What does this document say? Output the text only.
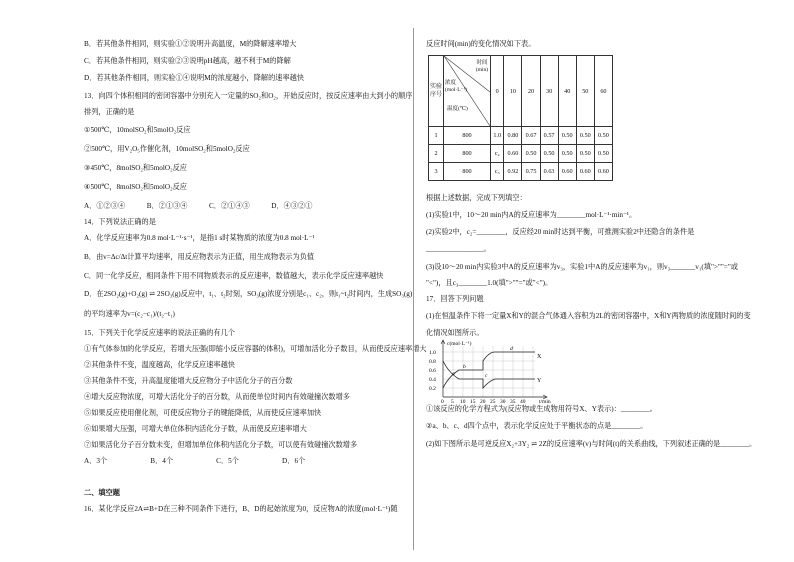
B．若其他条件相同，则实验①②说明升高温度，M的降解速率增大
C．若其他条件相同，则实验②③说明pH越高，越不利于M的降解
D．若其他条件相同，则实验①④说明M的浓度越小，降解的速率越快
13．向四个体积相同的密闭容器中分别充入一定量的SO₂和O₂，开始反应时，按反应速率由大到小的顺序
排列，正确的是
①500℃，10molSO₂和5molO₂反应
②500℃，用V₂O₅作催化剂，10molSO₂和5molO₂反应
③450℃，8molSO₂和5molO₂反应
④500℃，8molSO₂和5molO₂反应
A．①②③④　　　B．②①③④　　　C．②①④③　　　D．④③②①
14．下列说法正确的是
A．化学反应速率为0.8 mol·L⁻¹·s⁻¹，是指1 s时某物质的浓度为0.8 mol·L⁻¹
B．由v=Δc/Δt计算平均速率，用反应物表示为正值，用生成物表示为负值
C．同一化学反应，相同条件下用不同物质表示的反应速率，数值越大，表示化学反应速率越快
D．在2SO₂(g)+O₂(g) ⇌ 2SO₃(g)反应中，t₁、t₂时刻，SO₃(g)浓度分别是c₁、c₂，则t₁~t₂时间内，生成SO₃(g)
的平均速率为v=(c₂−c₁)/(t₂−t₁)
15．下列关于化学反应速率的说法正确的有几个
①有气体参加的化学反应，若增大压强(即缩小反应容器的体积)，可增加活化分子数目，从而使反应速率增大
②其他条件不变，温度越高，化学反应速率越快
③其他条件不变，升高温度能增大反应物分子中活化分子的百分数
④增大反应物浓度，可增大活化分子的百分数，从而使单位时间内有效碰撞次数增多
⑤如果反应使用催化剂，可使反应物分子的键能降低，从而使反应速率加快
⑥如果增大压强，可增大单位体积内活化分子数，从而使反应速率增大
⑦如果活化分子百分数未变，但增加单位体积内活化分子数，可以使有效碰撞次数增多
A．3个　　　　　　B．4个　　　　　　C．5个　　　　　　D．6个
二、填空题
16．某化学反应2A⇌B+D在三种不同条件下进行，B、D的起始浓度为0，反应物A的浓度(mol·L⁻¹)随
反应时间(min)的变化情况如下表。
根据上述数据，完成下列填空：
(1)实验1中，10～20 min内A的反应速率为________mol·L⁻¹·min⁻¹。
(2)实验2中，c₂=________，反应经20 min时达到平衡，可推测实验2中还隐含的条件是
________________。
(3)设10～20 min内实验3中A的反应速率为v₃，实验1中A的反应速率为v₁，则v₃_______v₁(填">""="或
"<")，且c₃________1.0(填">""="或"<")。
17．回答下列问题
(1)在恒温条件下将一定量X和Y的混合气体通入容积为2L的密闭容器中，X和Y两物质的浓度随时间的变
化情况如图所示。
①该反应的化学方程式为(反应物或生成物用符号X、Y表示)：________。
②a、b、c、d四个点中，表示化学反应处于平衡状态的点是________。
(2)如下图所示是可逆反应X₂+3Y₂ ⇌ 2Z的反应速率(v)与时间(t)的关系曲线，下列叙述正确的是________。
实验序号	时间(min)
浓度(mol·L⁻¹)
温度(℃)	0	10	20	30	40	50	60
1	800	1.0	0.80	0.67	0.57	0.50	0.50	0.50
2	800	c₂	0.60	0.50	0.50	0.50	0.50	0.50
3	800	c₃	0.92	0.75	0.63	0.60	0.60	0.60
c(mol·L⁻¹)
t/min
1.0
0.8
0.6
0.4
0.2
0 5 10 15 20 25 30 35 40
a
b
c
d
X
Y
